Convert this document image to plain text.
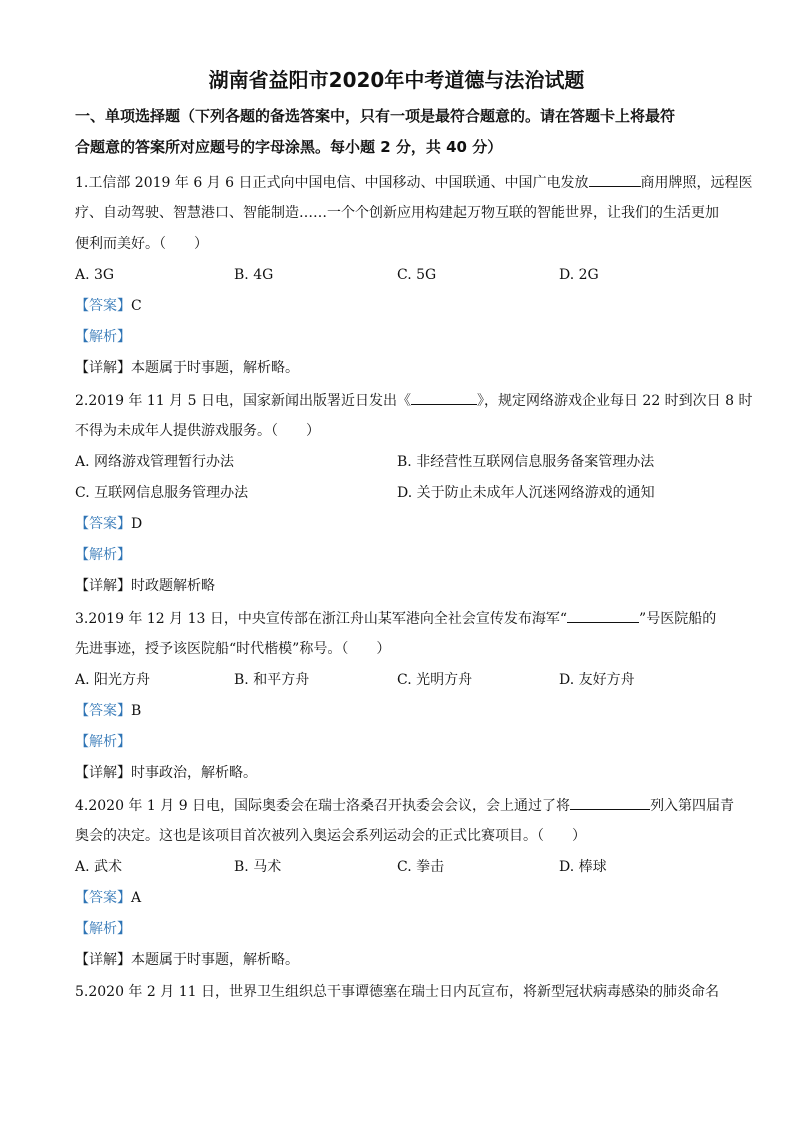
湖南省益阳市2020年中考道德与法治试题
一、单项选择题（下列各题的备选答案中，只有一项是最符合题意的。请在答题卡上将最符
合题意的答案所对应题号的字母涂黑。每小题 2 分，共 40 分）
1.工信部 2019 年 6 月 6 日正式向中国电信、中国移动、中国联通、中国广电发放	商用牌照，远程医
疗、自动驾驶、智慧港口、智能制造……一个个创新应用构建起万物互联的智能世界，让我们的生活更加
便利而美好。（　　）
A. 3G	B. 4G	C. 5G	D. 2G
【答案】C
【解析】
【详解】本题属于时事题，解析略。
2.2019 年 11 月 5 日电，国家新闻出版署近日发出《	》，规定网络游戏企业每日 22 时到次日 8 时
不得为未成年人提供游戏服务。（　　）
A. 网络游戏管理暂行办法	B. 非经营性互联网信息服务备案管理办法
C. 互联网信息服务管理办法	D. 关于防止未成年人沉迷网络游戏的通知
【答案】D
【解析】
【详解】时政题解析略
3.2019 年 12 月 13 日，中央宣传部在浙江舟山某军港向全社会宣传发布海军“	”号医院船的
先进事迹，授予该医院船“时代楷模”称号。（　　）
A. 阳光方舟	B. 和平方舟	C. 光明方舟	D. 友好方舟
【答案】B
【解析】
【详解】时事政治，解析略。
4.2020 年 1 月 9 日电，国际奥委会在瑞士洛桑召开执委会会议，会上通过了将	列入第四届青
奥会的决定。这也是该项目首次被列入奥运会系列运动会的正式比赛项目。（　　）
A. 武术	B. 马术	C. 拳击	D. 棒球
【答案】A
【解析】
【详解】本题属于时事题，解析略。
5.2020 年 2 月 11 日，世界卫生组织总干事谭德塞在瑞士日内瓦宣布，将新型冠状病毒感染的肺炎命名
